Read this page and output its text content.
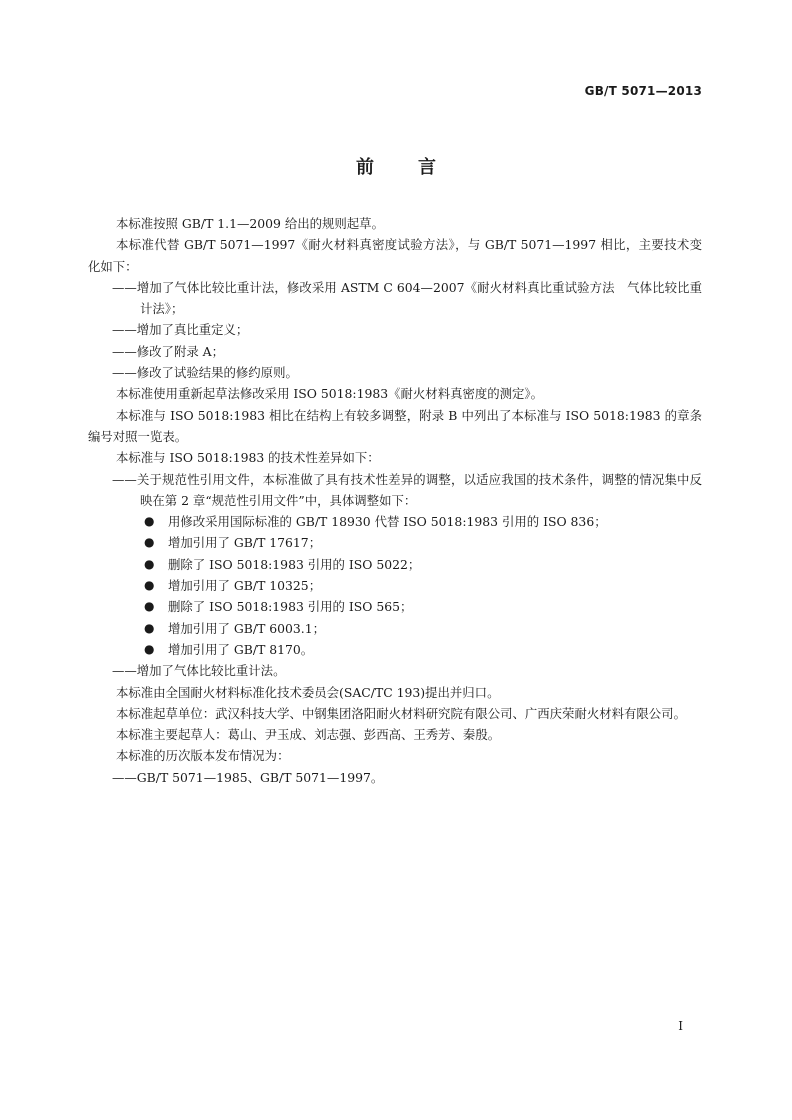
GB/T 5071—2013
前言

本标准按照 GB/T 1.1—2009 给出的规则起草。

本标准代替 GB/T 5071—1997《耐火材料真密度试验方法》，与 GB/T 5071—1997 相比，主要技术变化如下：

——增加了气体比较比重计法，修改采用 ASTM C 604—2007《耐火材料真比重试验方法　气体比较比重计法》；

——增加了真比重定义；

——修改了附录 A；

——修改了试验结果的修约原则。

本标准使用重新起草法修改采用 ISO 5018:1983《耐火材料真密度的测定》。

本标准与 ISO 5018:1983 相比在结构上有较多调整，附录 B 中列出了本标准与 ISO 5018:1983 的章条编号对照一览表。

本标准与 ISO 5018:1983 的技术性差异如下：

——关于规范性引用文件，本标准做了具有技术性差异的调整，以适应我国的技术条件，调整的情况集中反映在第 2 章“规范性引用文件”中，具体调整如下：

● 用修改采用国际标准的 GB/T 18930 代替 ISO 5018:1983 引用的 ISO 836；
● 增加引用了 GB/T 17617；
● 删除了 ISO 5018:1983 引用的 ISO 5022；
● 增加引用了 GB/T 10325；
● 删除了 ISO 5018:1983 引用的 ISO 565；
● 增加引用了 GB/T 6003.1；
● 增加引用了 GB/T 8170。

——增加了气体比较比重计法。

本标准由全国耐火材料标准化技术委员会(SAC/TC 193)提出并归口。

本标准起草单位：武汉科技大学、中钢集团洛阳耐火材料研究院有限公司、广西庆荣耐火材料有限公司。

本标准主要起草人：葛山、尹玉成、刘志强、彭西高、王秀芳、秦殷。

本标准的历次版本发布情况为：

——GB/T 5071—1985、GB/T 5071—1997。

I
